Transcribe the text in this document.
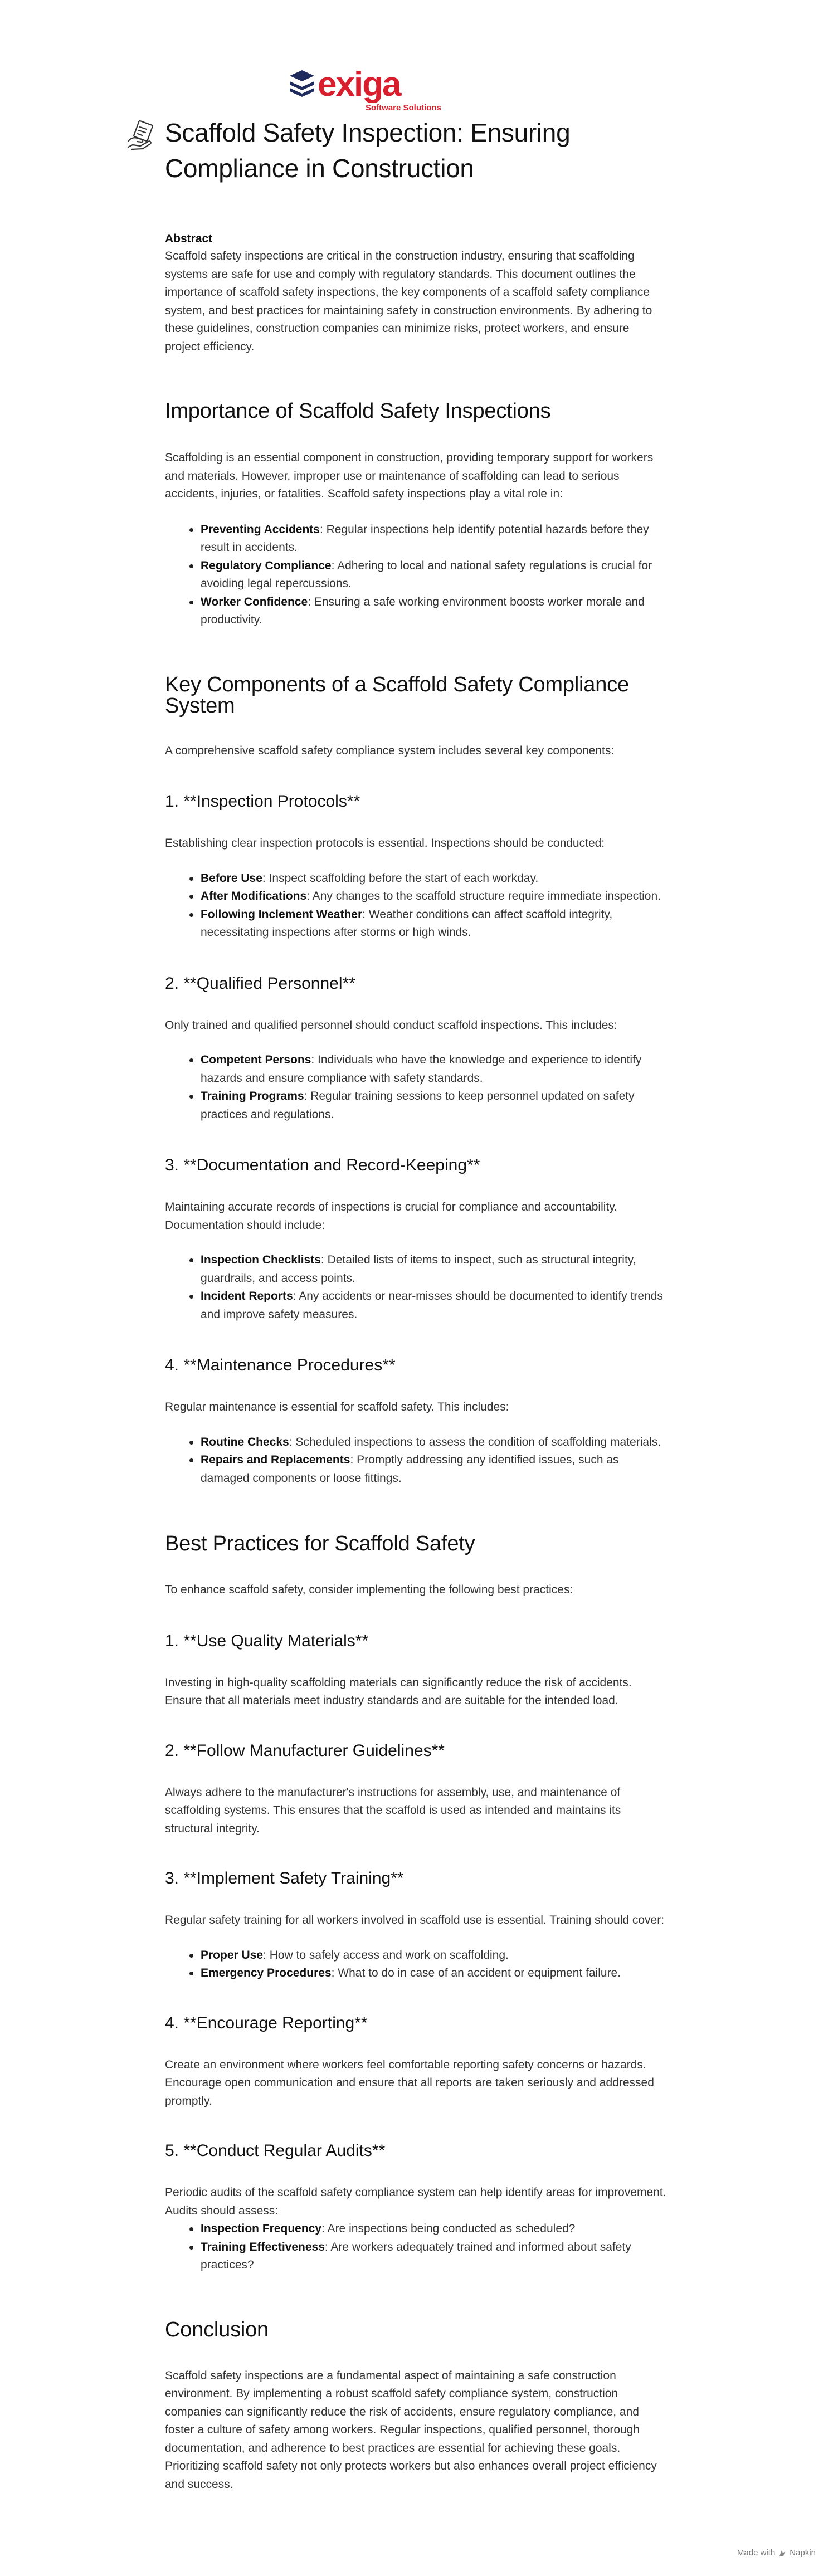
exiga
Software Solutions
Scaffold Safety Inspection: Ensuring Compliance in Construction
Abstract

Scaffold safety inspections are critical in the construction industry, ensuring that scaffolding systems are safe for use and comply with regulatory standards. This document outlines the importance of scaffold safety inspections, the key components of a scaffold safety compliance system, and best practices for maintaining safety in construction environments. By adhering to these guidelines, construction companies can minimize risks, protect workers, and ensure project efficiency.

Importance of Scaffold Safety Inspections

Scaffolding is an essential component in construction, providing temporary support for workers and materials. However, improper use or maintenance of scaffolding can lead to serious accidents, injuries, or fatalities. Scaffold safety inspections play a vital role in:

Preventing Accidents: Regular inspections help identify potential hazards before they result in accidents.
Regulatory Compliance: Adhering to local and national safety regulations is crucial for avoiding legal repercussions.
Worker Confidence: Ensuring a safe working environment boosts worker morale and productivity.
Key Components of a Scaffold Safety Compliance System

A comprehensive scaffold safety compliance system includes several key components:

1. **Inspection Protocols**

Establishing clear inspection protocols is essential. Inspections should be conducted:

Before Use: Inspect scaffolding before the start of each workday.
After Modifications: Any changes to the scaffold structure require immediate inspection.
Following Inclement Weather: Weather conditions can affect scaffold integrity, necessitating inspections after storms or high winds.
2. **Qualified Personnel**

Only trained and qualified personnel should conduct scaffold inspections. This includes:

Competent Persons: Individuals who have the knowledge and experience to identify hazards and ensure compliance with safety standards.
Training Programs: Regular training sessions to keep personnel updated on safety practices and regulations.
3. **Documentation and Record-Keeping**

Maintaining accurate records of inspections is crucial for compliance and accountability. Documentation should include:

Inspection Checklists: Detailed lists of items to inspect, such as structural integrity, guardrails, and access points.
Incident Reports: Any accidents or near-misses should be documented to identify trends and improve safety measures.
4. **Maintenance Procedures**

Regular maintenance is essential for scaffold safety. This includes:

Routine Checks: Scheduled inspections to assess the condition of scaffolding materials.
Repairs and Replacements: Promptly addressing any identified issues, such as damaged components or loose fittings.
Best Practices for Scaffold Safety

To enhance scaffold safety, consider implementing the following best practices:

1. **Use Quality Materials**

Investing in high-quality scaffolding materials can significantly reduce the risk of accidents. Ensure that all materials meet industry standards and are suitable for the intended load.

2. **Follow Manufacturer Guidelines**

Always adhere to the manufacturer's instructions for assembly, use, and maintenance of scaffolding systems. This ensures that the scaffold is used as intended and maintains its structural integrity.

3. **Implement Safety Training**

Regular safety training for all workers involved in scaffold use is essential. Training should cover:

Proper Use: How to safely access and work on scaffolding.
Emergency Procedures: What to do in case of an accident or equipment failure.
4. **Encourage Reporting**

Create an environment where workers feel comfortable reporting safety concerns or hazards. Encourage open communication and ensure that all reports are taken seriously and addressed promptly.

5. **Conduct Regular Audits**

Periodic audits of the scaffold safety compliance system can help identify areas for improvement. Audits should assess:

Inspection Frequency: Are inspections being conducted as scheduled?
Training Effectiveness: Are workers adequately trained and informed about safety practices?
Conclusion

Scaffold safety inspections are a fundamental aspect of maintaining a safe construction environment. By implementing a robust scaffold safety compliance system, construction companies can significantly reduce the risk of accidents, ensure regulatory compliance, and foster a culture of safety among workers. Regular inspections, qualified personnel, thorough documentation, and adherence to best practices are essential for achieving these goals. Prioritizing scaffold safety not only protects workers but also enhances overall project efficiency and success.

Made with Napkin
